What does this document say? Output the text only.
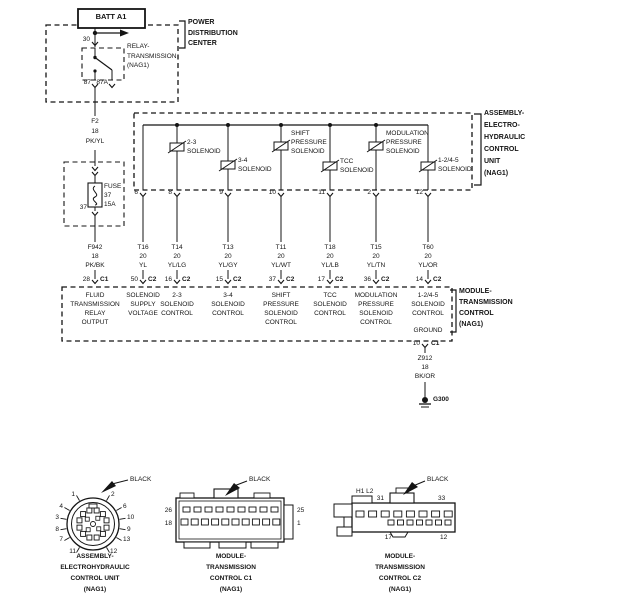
BATT A1
POWER
DISTRIBUTION
CENTER
30
RELAY-
TRANSMISSION
(NAG1)
87 87A
F2
18
PK/YL
FUSE
37
15A
37
ASSEMBLY-
ELECTRO-
HYDRAULIC
CONTROL
UNIT
(NAG1)
F942
18
PK/BK
28 C1
FLUID
TRANSMISSION
RELAY
OUTPUT
6
T16
20
YL
50 C2
SOLENOID
SUPPLY
VOLTAGE
2-3
SOLENOID
8
T14
20
YL/LG
16 C2
2-3
SOLENOID
CONTROL
3-4
SOLENOID
9
T13
20
YL/GY
15 C2
3-4
SOLENOID
CONTROL
SHIFT
PRESSURE
SOLENOID
10
T11
20
YL/WT
37 C2
SHIFT
PRESSURE
SOLENOID
CONTROL
TCC
SOLENOID
11
T18
20
YL/LB
17 C2
TCC
SOLENOID
CONTROL
MODULATION
PRESSURE
SOLENOID
2
T15
20
YL/TN
36 C2
MODULATION
PRESSURE
SOLENOID
CONTROL
1-2/4-5
SOLENOID
12
T60
20
YL/OR
14 C2
1-2/4-5
SOLENOID
CONTROL
MODULE-
TRANSMISSION
CONTROL
(NAG1)
GROUND
10 C1
Z912
18
BK/OR
G300
1
4
3
8
7
11
2
6
10
9
13
12
BLACK
ASSEMBLY-
ELECTROHYDRAULIC
CONTROL UNIT
(NAG1)
26
18
25
1
BLACK
MODULE-
TRANSMISSION
CONTROL C1
(NAG1)
H1 L2
31	33
17	12
BLACK
MODULE-
TRANSMISSION
CONTROL C2
(NAG1)
